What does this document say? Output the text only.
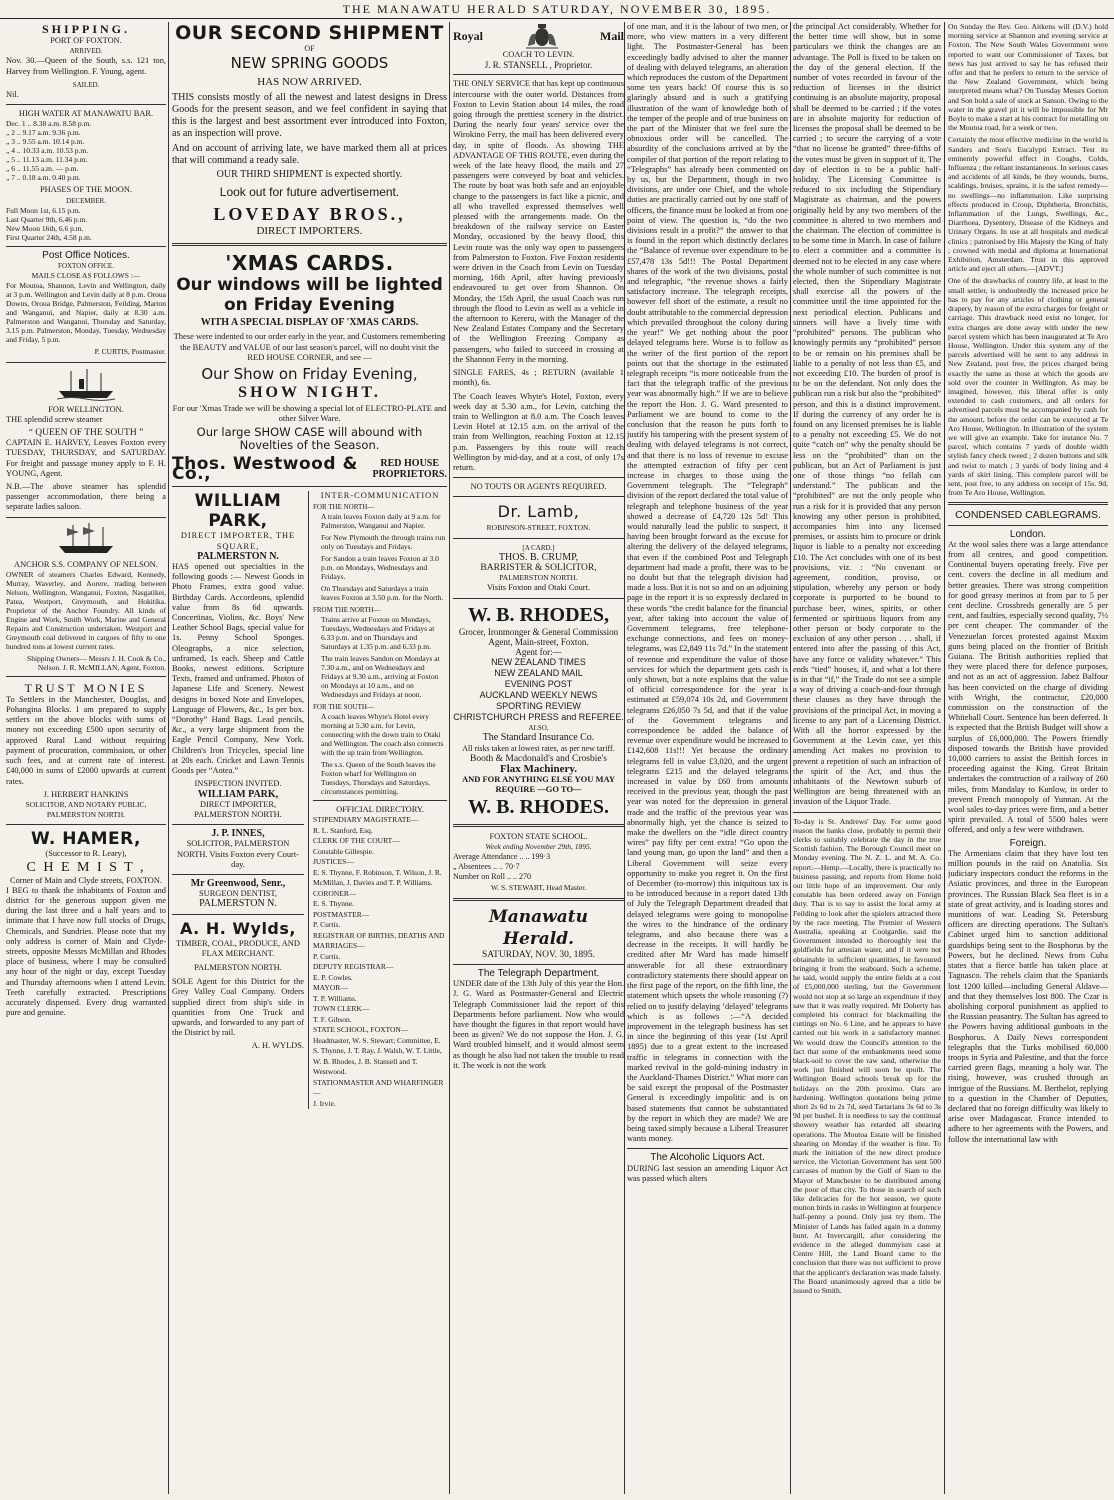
THE MANAWATU HERALD SATURDAY, NOVEMBER 30, 1895.
SHIPPING.
PORT OF FOXTON.
ARRIVED.

Nov. 30.—Queen of the South, s.s. 121 ton, Harvey from Wellington. F. Young, agent.

SAILED.

Nil.

HIGH WATER AT MANAWATU BAR.
Dec. 1 .. 8.38 a.m. 8.58 p.m.
„ 2 .. 9.17 a.m. 9.36 p.m.
„ 3 .. 9.55 a.m. 10.14 p.m.
„ 4 .. 10.33 a.m. 10.53 p.m.
„ 5 .. 11.13 a.m. 11.34 p.m.
„ 6 .. 11.55 a.m. — p.m.
„ 7 .. 0.18 a.m. 0.40 p.m.
PHASES OF THE MOON.
DECEMBER.
Full Moon 1st, 6.15 p.m.
Last Quarter 9th, 6.46 p.m.
New Moon 16th, 6.6 p.m.
First Quarter 24th, 4.58 p.m.
Post Office Notices.
FOXTON OFFICE.
MAILS CLOSE AS FOLLOWS :—

For Moutoa, Shannon, Levin and Wellington, daily at 3 p.m. Wellington and Levin daily at 8 p.m. Oroua Downs, Oroua Bridge, Palmerston, Feilding, Marton and Wanganui, and Napier, daily at 8.30 a.m. Palmerston and Wanganui, Thursday and Saturday, 3.15 p.m. Palmerston, Monday, Tuesday, Wednesday and Friday, 5 p.m.

P. CURTIS, Postmaster.
FOR WELLINGTON.

THE splendid screw steamer

“ QUEEN OF THE SOUTH ”

CAPTAIN E. HARVEY, Leaves Foxton every TUESDAY, THURSDAY, and SATURDAY. For freight and passage money apply to F. H. YOUNG, Agent.

N.B.—The above steamer has splendid passenger accommodation, there being a separate ladies saloon.

ANCHOR S.S. COMPANY OF NELSON.

OWNER of steamers Charles Edward, Kennedy, Murray, Waverley, and Aorere, trading between Nelson, Wellington, Wanganui, Foxton, Nasgatikei, Patea, Westport, Greymouth, and Hokitika. Proprietor of the Anchor Foundry. All kinds of Engine and Work, Smith Work, Marine and General Repairs and Construction undertaken. Westport and Greymouth coal delivered in cargoes of fifty to one hundred tons at lowest current rates.

Shipping Owners— Messrs J. H. Cook & Co., Nelson. J. R. McMILLAN, Agent, Foxton.

TRUST MONIES

To Settlers in the Manchester, Douglas, and Pohangina Blocks. I am prepared to supply settlers on the above blocks with sums of money not exceeding £500 upon security of approved Rural Land without requiring payment of procuration, commission, or other such fees, and at current rate of interest. £40,000 in sums of £2000 upwards at current rates.

J. HERBERT HANKINS
SOLICITOR, AND NOTARY PUBLIC, PALMERSTON NORTH.
W. HAMER,
(Successor to R. Leary),
C H E M I S T ,
Corner of Main and Clyde streets, FOXTON.

I BEG to thank the inhabitants of Foxton and district for the generous support given me during the last three and a half years and to intimate that I have now full stocks of Drugs, Chemicals, and Sundries. Please note that my only address is corner of Main and Clyde-streets, opposite Messrs McMillan and Rhodes place of business, where I may be consulted any hour of the night or day, except Tuesday and Thursday afternoons when I attend Levin. Teeth carefully extracted. Prescriptions accurately dispensed. Every drug warranted pure and genuine.

OUR SECOND SHIPMENT
OF
NEW SPRING GOODS
HAS NOW ARRIVED.

THIS consists mostly of all the newest and latest designs in Dress Goods for the present season, and we feel confident in saying that this is the largest and best assortment ever introduced into Foxton, as an inspection will prove.

And on account of arriving late, we have marked them all at prices that will command a ready sale.

OUR THIRD SHIPMENT is expected shortly.
Look out for future advertisement.
LOVEDAY BROS.,
DIRECT IMPORTERS.
'XMAS CARDS.
Our windows will be lighted on Friday Evening
WITH A SPECIAL DISPLAY OF 'XMAS CARDS.

These were indented to our order early in the year, and Customers remembering the BEAUTY and VALUE of our last season's parcel, will no doubt visit the RED HOUSE CORNER, and see —

Our Show on Friday Evening,
SHOW NIGHT.

For our 'Xmas Trade we will be showing a special lot of ELECTRO-PLATE and other Silver Ware.

Our large SHOW CASE will abound with Novelties of the Season.
Thos. Westwood & Co.,
RED HOUSE PROPRIETORS.
WILLIAM PARK,
DIRECT IMPORTER, THE SQUARE,
PALMERSTON N.

HAS opened out specialties in the following goods :— Newest Goods in Photo Frames, extra good value. Birthday Cards. Accordeons, splendid value from 8s 6d upwards. Concertinas, Violins, &c. Boys' New Leather School Bags, special value for 1s. Penny School Sponges. Oleographs, a nice selection, unframed, 1s each. Sheep and Cattle Books, newest editions. Scripture Texts, framed and unframed. Photos of Japanese Life and Scenery. Newest designs in boxed Note and Envelopes, Language of Flowers, &c., 1s per box. “Dorothy” Hand Bags. Lead pencils, &c., a very large shipment from the Eagle Pencil Company, New York. Children's Iron Tricycles, special line at 20s each. Cricket and Lawn Tennis Goods per “Aotea.”

INSPECTION INVITED.
WILLIAM PARK,
DIRECT IMPORTER, PALMERSTON NORTH.
J. P. INNES,
SOLICITOR, PALMERSTON NORTH. Visits Foxton every Court-day.
Mr Greenwood, Senr.,
SURGEON DENTIST,
PALMERSTON N.
A. H. Wylds,
TIMBER, COAL, PRODUCE, AND FLAX MERCHANT.
PALMERSTON NORTH.

SOLE Agent for this District for the Grey Valley Coal Company. Orders supplied direct from ship's side in quantities from One Truck and upwards, and forwarded to any part of the District by rail.

A. H. WYLDS.
INTER-COMMUNICATION
FOR THE NORTH—
A train leaves Foxton daily at 9 a.m. for Palmerston, Wanganui and Napier.
For New Plymouth the through trains run only on Tuesdays and Fridays.
For Sandon a train leaves Foxton at 3.0 p.m. on Mondays, Wednesdays and Fridays.
On Thursdays and Saturdays a train leaves Foxton at 3.50 p.m. for the North.
FROM THE NORTH—
Trains arrive at Foxton on Mondays, Tuesdays, Wednesdays and Fridays at 6.33 p.m. and on Thursdays and Saturdays at 1.35 p.m. and 6.33 p.m.
The train leaves Sandon on Mondays at 7.30 a.m., and on Wednesdays and Fridays at 9.30 a.m., arriving at Foxton on Mondays at 10 a.m., and on Wednesdays and Fridays at noon.
FOR THE SOUTH—
A coach leaves Whyte's Hotel every morning at 5.30 a.m. for Levin, connecting with the down train to Otaki and Wellington. The coach also connects with the up train from Wellington.
The s.s. Queen of the South leaves the Foxton wharf for Wellington on Tuesdays, Thursdays and Saturdays, circumstances permitting.
OFFICIAL DIRECTORY.
STIPENDIARY MAGISTRATE—
R. L. Stanford, Esq.
CLERK OF THE COURT—
Constable Gillespie.
JUSTICES—
E. S. Thynne, F. Robinson, T. Wilson, J. R. McMillan, J. Davies and T. P. Williams.
CORONER—
E. S. Thynne.
POSTMASTER—
P. Curtis.
REGISTRAR OF BIRTHS, DEATHS AND MARRIAGES—
P. Curtis.
DEPUTY REGISTRAR—
E. P. Cowles.
MAYOR—
T. P. Williams.
TOWN CLERK—
T. F. Gibson.
STATE SCHOOL, FOXTON—
Headmaster, W. S. Stewart; Committee, E. S. Thynne, J. T. Ray, J. Walsh, W. T. Little, W. B. Rhodes, J. B. Stansell and T. Westwood.
STATIONMASTER AND WHARFINGER—
J. Irvie.
Royal	Mail
COACH TO LEVIN.
J. R. STANSELL , Proprietor.

THE ONLY SERVICE that has kept up continuous intercourse with the outer world. Distances from Foxton to Levin Station about 14 miles, the road going through the prettiest scenery in the district. During the nearly four years' service over the Wirokino Ferry, the mail has been delivered every day, in spite of floods. As showing THE ADVANTAGE OF THIS ROUTE, even during the week of the late heavy flood, the mails and 27 passengers were conveyed by boat and vehicles. The route by boat was both safe and an enjoyable change to the passengers in fact like a picnic, and all who travelled expressed themselves well pleased with the arrangements made. On the breakdown of the railway service on Easter Monday, occasioned by the heavy flood, this Levin route was the only way open to passengers from Palmerston to Foxton. Five Foxton residents were driven in the Coach from Levin on Tuesday morning, 16th April, after having previously endeavoured to get over from Shannon. On Monday, the 15th April, the usual Coach was run through the flood to Levin as well as a vehicle in the afternoon to Kereru, with the Manager of the New Zealand Estates Company and the Secretary of the Wellington Freezing Company as passengers, who failed to succeed in crossing at the Shannon Ferry in the morning.

SINGLE FARES, 4s ; RETURN (available 1 month), 6s.

The Coach leaves Whyte's Hotel, Foxton, every week day at 5.30 a.m., for Levin, catching the train to Wellington at 8.0 a.m. The Coach leaves Levin Hotel at 12.15 a.m. on the arrival of the train from Wellington, reaching Foxton at 12.15 p.m. Passengers by this route will reach Wellington by mid-day, and at a cost, of only 17s return.

NO TOUTS OR AGENTS REQUIRED.
Dr. Lamb,
ROBINSON-STREET, FOXTON.
[A CARD.]
THOS. B. CRUMP,
BARRISTER & SOLICITOR,
PALMERSTON NORTH.
Visits Foxton and Otaki Court.
W. B. RHODES,
Grocer, Ironmonger & General Commission Agent, Main-street, Foxton.
Agent for:—
NEW ZEALAND TIMES
NEW ZEALAND MAIL
EVENING POST
AUCKLAND WEEKLY NEWS
SPORTING REVIEW
CHRISTCHURCH PRESS and REFEREE.
ALSO,
The Standard Insurance Co.
All risks taken at lowest rates, as per new tariff.
Booth & Macdonald's and Crosbie's
Flax Machinery.
AND FOR ANYTHING ELSE YOU MAY REQUIRE —GO TO—
W. B. RHODES.
FOXTON STATE SCHOOL.
Week ending November 29th, 1895.
Average Attendance .. .. 199·3
„ Absentees .. .. 70·7
Number on Roll .. .. 270
W. S. STEWART, Head Master.
Manawatu Herald.
SATURDAY, NOV. 30, 1895.
The Telegraph Department.

UNDER date of the 13th July of this year the Hon. J. G. Ward as Postmaster-General and Electric Telegraph Commissioner laid the report of this Departments before parliament. Now who would have thought the figures in that report would have been as given? We do not suppose the Hon. J. G. Ward troubled himself, and it would almost seem as though he also had not taken the trouble to read it. The work is not the work

of one man, and it is the labour of two men, or more, who view matters in a very different light. The Postmaster-General has been exceedingly badly advised to alter the manner of dealing with delayed telegrams, an alteration which reproduces the custom of the Department some ten years back! Of course this is so glaringly absurd and is such a gratifying illustration of the want of knowledge both of the temper of the people and of true business on the part of the Minister that we feel sure the obnoxious order will be cancelled. The absurdity of the conclusions arrived at by the compiler of that portion of the report relating to “Telegraphs” has already been commented on by us, but the Department, though in two divisions, are under one Chief, and the whole duties are practically carried out by one staff of officers, the finance must be looked at from one point of view. The question is, “do the two divisions result in a profit?” the answer to that is found in the report which distinctly declares the “Balance of revenue over expenditure to be £57,478 13s 5d!!! The Postal Department shares of the work of the two divisions, postal and telegraphic, “the revenue shows a fairly satisfactory increase. The telegraph receipts, however fell short of the estimate, a result no doubt attributable to the commercial depression which prevailed throughout the colony during the year!” We get nothing about the poor delayed telegrams here. Worse is to follow as the writer of the first portion of the report points out that the shortage in the estimated telegraph receipts “is more noticeable from the fact that the telegraph traffic of the previous year was abnormally high.” If we are to believe the report the Hon. J. G. Ward presented to Parliament we are bound to come to the conclusion that the reason he puts forth to justify his tampering with the present system of dealing with delayed telegrams is not correct, and that there is no loss of revenue to excuse the attempted extraction of fifty per cent increase in charges to those using the Government telegraph. The “Telegraph” division of the report declared the total value of telegraph and telephone business of the year showed a decrease of £4,720 12s 5d! This would naturally lead the public to suspect, it having been brought forward as the excuse for altering the delivery of the delayed telegrams, that even if the combined Post and Telegraph department had made a profit, there was to be no doubt but that the telegraph division had made a loss. But it is not so and on an adjoining page in the report it is so expressly declared in these words “the credit balance for the financial year, after taking into account the value of Government telegrams, free telephone-exchange connections, and fees on money-telegrams, was £2,849 11s 7d.” In the statement of revenue and expenditure the value of those services for which the department gets cash is only shown, but a note explains that the value of official correspondence for the year is estimated at £59,074 10s 2d, and Government telegrams £26,050 7s 5d, and that if the value of the Government telegrams and correspondence be added the balance of revenue over expenditure would be increased to £142,608 11s!!! Yet because the ordinary telegrams fell in value £3,020, and the urgent telegrams £215 and the delayed telegrams increased in value by £60 from amounts received in the previous year, though the past year was noted for the depression in general trade and the traffic of the previous year was abnormally high, yet the chance is seized to make the dwellers on the “idle direct country wires” pay fifty per cent extra! “Go upon the land young man, go upon the land” and then a Liberal Government will seize every opportunity to make you regret it. On the first of December (to-morrow) this iniquitous tax is to be introduced because in a report dated 13th of July the Telegraph Department dreaded that delayed telegrams were going to monopolise the wires to the hindrance of the ordinary telegrams, and also because there was a decrease in the receipts. It will hardly be credited after Mr Ward has made himself answerable for all these extraordinary contradictory statements there should appear on the first page of the report, on the fifth line, the statement which upsets the whole reasoning (?) relied on to justify delaying ‘delayed’ telegrams which is as follows :—“A decided improvement in the telegraph business has set in since the beginning of this year (1st April 1895) due to a great extent to the increased traffic in telegrams in connection with the marked revival in the gold-mining industry in the Auckland-Thames District.” What more can be said except the proposal of the Postmaster General is exceedingly impolitic and is on based statements that cannot be substantiated by the report in which they are made? We are being taxed simply because a Liberal Treasurer wants money.

The Alcoholic Liquors Act.

DURING last session an amending Liquor Act was passed which alters

the principal Act considerably. Whether for the better time will show, but in some particulars we think the changes are an advantage. The Poll is fixed to be taken on the day of the general election. If the number of votes recorded in favour of the reduction of licenses in the district continuing is an absolute majority, proposal shall be deemed to be carried ; if the votes are in absolute majority for reduction of licenses the proposal shall be deemed to be carried ; to secure the carrying of a vote “that no license be granted” three-fifths of the votes must be given in support of it. The day of election is to be a public half-holiday. The Licensing Committee is reduced to six including the Stipendiary Magistrate as chairman, and the powers originally held by any two members of the committee is altered to two members and the chairman. The election of committee is to be some time in March. In case of failure to elect a committee and a committee is deemed not to be elected in any case where the whole number of such committee is not elected, then the Stipendiary Magistrate shall exercise all the powers of the committee until the time appointed for the next periodical election. Publicans and sinners will have a lively time with “prohibited” persons. The publican who knowingly permits any “prohibited” person to be or remain on his premises shall be liable to a penalty of not less than £5, and not exceeding £10. The burden of proof is to be on the defendant. Not only does the publican run a risk but also the “prohibited” person, and this is a distinct improvement. If during the currency of any order he is found on any licensed premises he is liable to a penalty not exceeding £5. We do not quite “catch on” why the penalty should be less on the “prohibited” than on the publican, but an Act of Parliament is just one of those things “no fellah can understand.” The publican and the “prohibited” are not the only people who run a risk for it is provided that any person knowing any other person is prohibited, accompanies him into any licensed premises, or assists him to procure or drink liquor is liable to a penalty not exceeding £10. The Act concludes with one of its best provisions, viz. : “No covenant or agreement, condition, proviso, or stipulation, whereby any person or body corporate is purported to be bound to purchase beer, wines, spirits, or other fermented or spirituous liquors from any other person or body corporate to the exclusion of any other person . . . shall, if entered into after the passing of this Act, have any force or validity whatever.” This ends “tied” houses, if, and what a lot there is in that “if,” the Trade do not see a simple a way of driving a coach-and-four through these clauses as they have through the provisions of the principal Act, in moving a license to any part of a Licensing District. With all the horror expressed by the Government at the Levin case, yet this amending Act makes no provision to prevent a repetition of such an infraction of the spirit of the Act, and thus the inhabitants of the Newtown suburb of Wellington are being threatened with an invasion of the Liquor Trade.

To-day is St. Andrews' Day. For some good reason the banks close, probably to permit their clerks to suitably celebrate the day in the true Scottish fashion. The Borough Council meet on Monday evening. The N. Z. L. and M. A. Co. report:—Hemp.—Locally, there is practically no business passing, and reports from Home hold out little hope of an improvement. Our only constable has been ordered away on Foreign duty. That is to say to assist the local army at Feilding to look after the spielers attracted there by the race meeting. The Premier of Western Australia, speaking at Coolgardie, said the Government intended to thoroughly test the goldfields for artesian water, and if it were not obtainable in sufficient quantities, he favoured bringing it from the seaboard. Such a scheme, he said, would supply the entire fields at a cost of £5,000,000 sterling, but the Government would not stop at so large an expenditure if they saw that it was really required. Mr Doherty has completed his contract for blackmailing the cuttings on No. 6 Line, and he appears to have carried out his work in a satisfactory manner. We would draw the Council's attention to the fact that some of the embankments need some black-soil to cover the raw sand, otherwise the work just finished will soon be spoilt. The Wellington Board schools break up for the holidays on the 20th proximo. Oats are hardening. Wellington quotations being prime short 2s 6d to 2s 7d, seed Tartarians 3s 6d to 3s 9d per bushel. It is needless to say the continual showery weather has retarded all shearing operations. The Moutoa Estate will be finished shearing on Monday if the weather is fine. To mark the initiation of the new direct produce service, the Victorian Government has sent 500 carcases of mutton by the Gulf of Siam to the Mayor of Manchester to be distributed among the poor of that city. To those in search of such like delicacies for the hot season, we quote mutton birds in casks in Wellington at fourpence half-penny a pound. Only just try them. The Minister of Lands has failed again in a dummy hunt. At Invercargill, after considering the evidence in the alleged dummyism case at Centre Hill, the Land Board came to the conclusion that there was not sufficient to prove that the applicant's declaration was made falsely. The Board unanimously agreed that a title be issued to Smith.

On Sunday the Rev. Geo. Aitkens will (D.V.) hold morning service at Shannon and evening service at Foxton. The New South Wales Government were reported to want our Commissioner of Taxes, but news has just arrived to say he has refused their offer and that he prefers to return to the service of the New Zealand Government, which being interpreted means what? On Tuesday Messrs Gorton and Son hold a sale of stock at Sanson. Owing to the water in the gravel pit it will be impossible for Mr Boyle to make a start at his contract for metalling on the Moutoa road, for a week or two.

Certainly the most effective medicine in the world is Sanders and Son's Eucalypti Extract. Test its eminently powerful effect in Coughs, Colds, Influenza ; the reliant instantaneous. In serious cases and accidents of all kinds, be they wounds, burns, scaldings, bruises, sprains, it is the safest remedy—no swellings—no inflammation. Like surprising effects produced in Croup, Diphtheria, Bronchitis, Inflammation of the Lungs, Swellings, &c., Diarrhoea, Dysentery, Disease of the Kidneys and Urinary Organs. In use at all hospitals and medical clinics ; patronised by His Majesty the King of Italy ; crowned with medal and diploma at International Exhibition, Amsterdam. Trust in this approved article and eject all others.—[ADVT.]

One of the drawbacks of country life, at least to the small settler, is undoubtedly the increased price he has to pay for any articles of clothing or general drapery, by reason of the extra charges for freight or carriage. This drawback need exist no longer, for extra charges are done away with under the new parcel system which has been inaugurated at Te Aro House, Wellington. Under this system any of the parcels advertised will be sent to any address in New Zealand, post free, the prices charged being exactly the same as those at which the goods are sold over the counter in Wellington. As may be imagined, however, this liberal offer is only extended to cash customers, and all orders for advertised parcels must be accompanied by cash for the amount, before the order can be executed at Te Aro House, Wellington. In illustration of the system we will give an example. Take for instance No. 7 parcel, which contains 7 yards of double width stylish fancy check tweed ; 2 dozen buttons and silk and twist to match ; 3 yards of body lining and 4 yards of skirt lining. This complete parcel will be sent, post free, to any address on receipt of 15s. 9d, from Te Aro House, Wellington.

CONDENSED CABLEGRAMS.
London.

At the wool sales there was a large attendance from all centres, and good competition. Continental buyers operating freely. Five per cent. covers the decline in all medium and better greasies. There was strong competition for good greasy merinos at from par to 5 per cent decline. Crossbreds generally are 5 per cent, and faulties, especially second quality, 7½ per cent cheaper. The commander of the Venezuelan forces protested against Maxim guns being placed on the frontier of British Guiana. The British authorities replied that they were placed there for defence purposes, and not as an act of aggression. Jabez Balfour has been convicted on the charge of dividing with Wright, the contractor, £20,000 commission on the construction of the Whitehall Court. Sentence has been deferred. It is expected that the British Budget will show a surplus of £6,000,000. The Powers friendly disposed towards the British have provided 10,000 carriers to assist the British forces in proceeding against the King. Great Britain undertakes the construction of a railway of 260 miles, from Mandalay to Kunlow, in order to prevent French monopoly of Yunnan. At the wool sales to-day prices were firm, and a better spirit prevailed. A total of 5500 bales were offered, and only a few were withdrawn.

Foreign.

The Armenians claim that they have lost ten million pounds in the raid on Anatolia. Six judiciary inspectors conduct the reforms in the Asiatic provinces, and three in the European provinces. The Russian Black Sea fleet is in a state of great activity, and is loading stores and munitions of war. Leading St. Petersburg officers are directing operations. The Sultan's Cabinet urged him to sanction additional guardships being sent to the Bosphorus by the Powers, but he declined. News from Cuba states that a fierce battle has taken place at Tagnasco. The rebels claim that the Spaniards lost 1200 killed—including General Aldave—and that they themselves lost 800. The Czar is abolishing corporal punishment as applied to the Russian peasantry. The Sultan has agreed to the Powers having additional gunboats in the Bosphorus. A Daily News correspondent telegraphs that the Turks mobilised 60,000 troops in Syria and Palestine, and that the force carried green flags, meaning a holy war. The rising, however, was crushed through an intrigue of the Russians. M. Berthelot, replying to a question in the Chamber of Deputies, declared that no foreign difficulty was likely to arise over Madagascar. France intended to adhere to her agreements with the Powers, and follow the international law with
